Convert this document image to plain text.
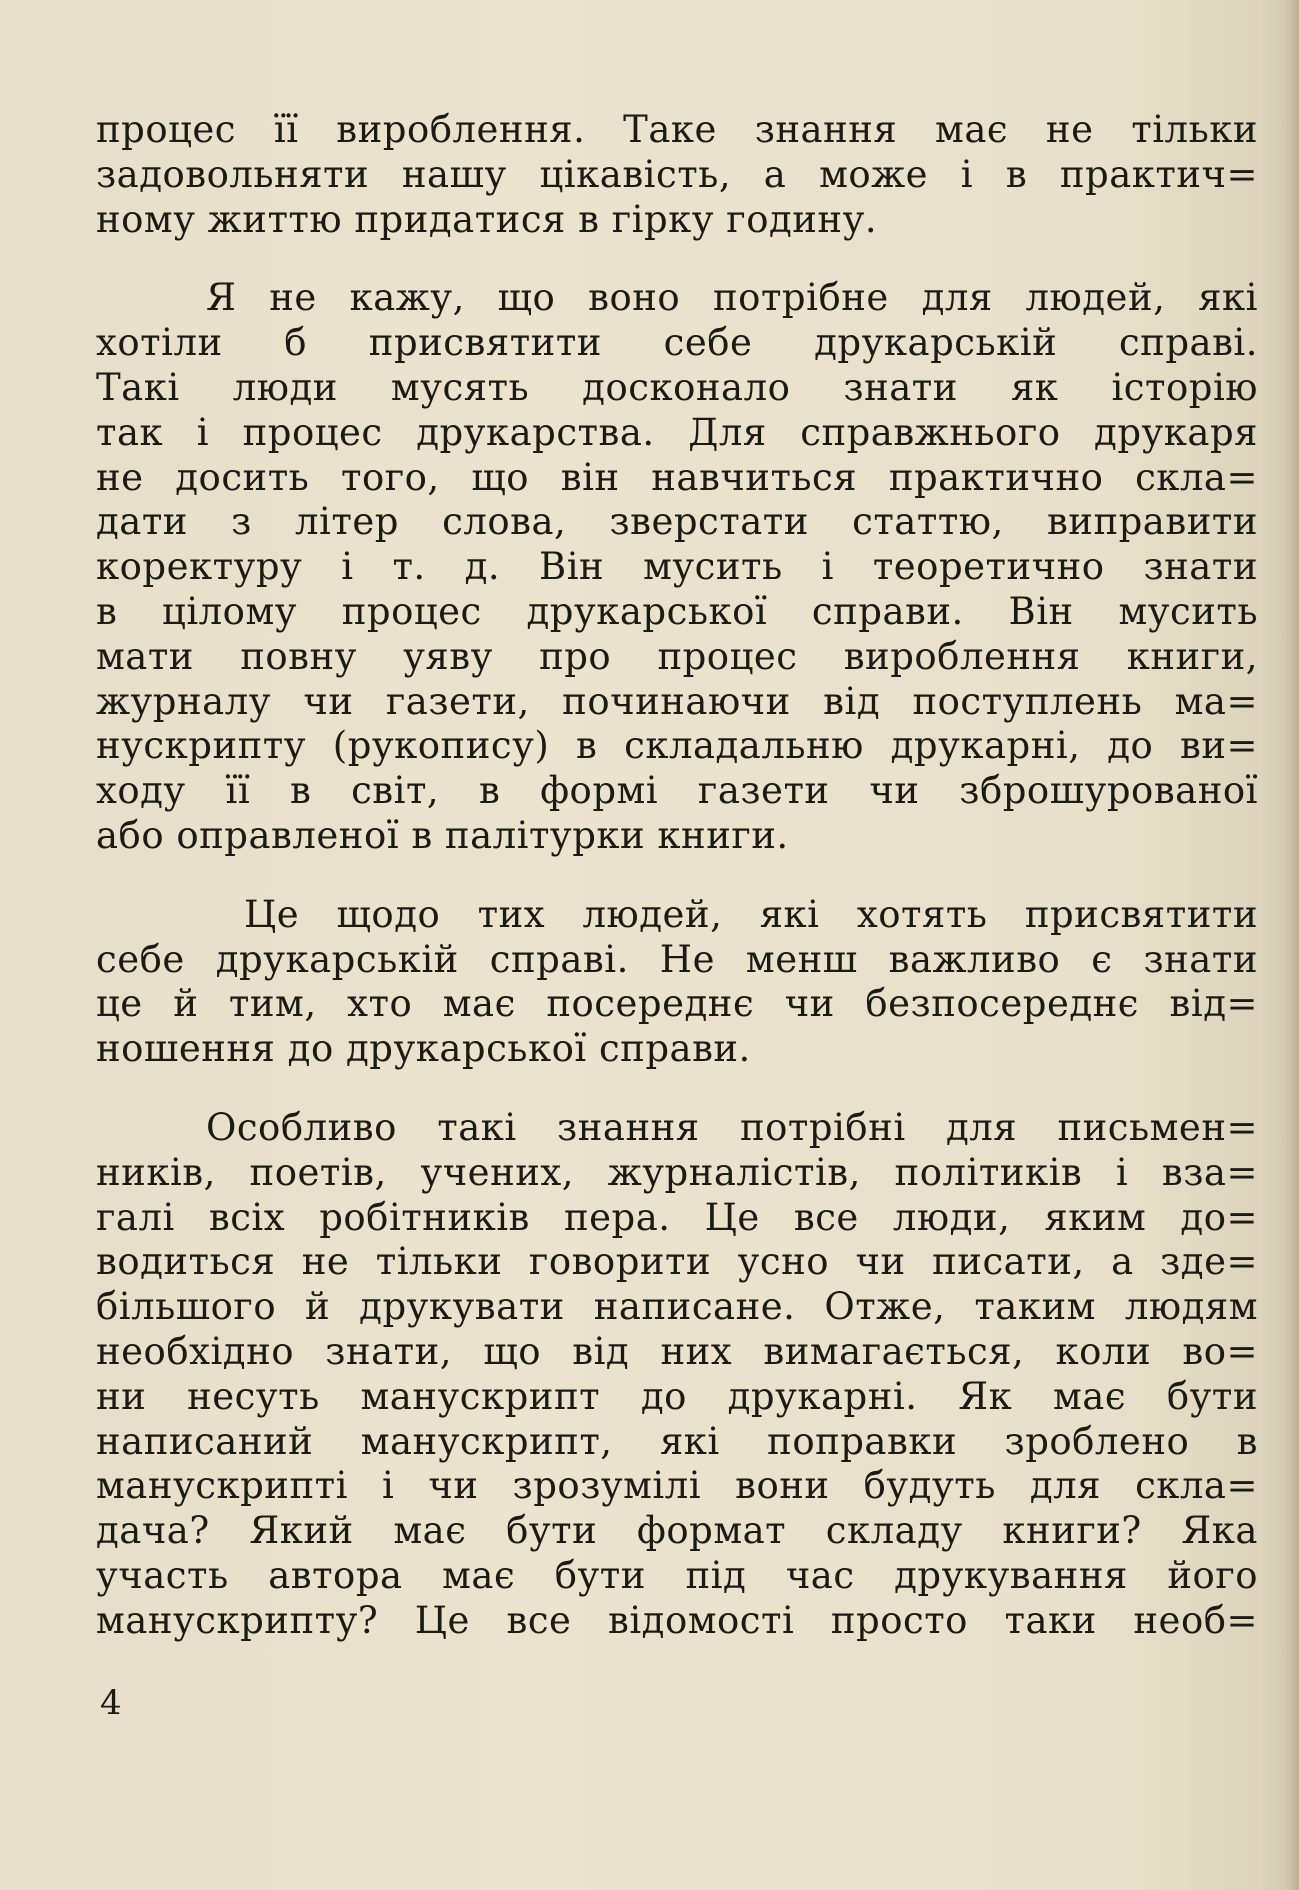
процес її вироблення. Таке знання має не тільки
задовольняти нашу цікавість, а може і в практич=
ному життю придатися в гірку годину.

Я не кажу, що воно потрібне для людей, які
хотіли б присвятити себе друкарській справі.
Такі люди мусять досконало знати як історію
так і процес друкарства. Для справжнього друкаря
не досить того, що він навчиться практично скла=
дати з літер слова, зверстати статтю, виправити
коректуру і т. д. Він мусить і теоретично знати
в цілому процес друкарської справи. Він мусить
мати повну уяву про процес вироблення книги,
журналу чи газети, починаючи від поступлень ма=
нускрипту (рукопису) в складальню друкарні, до ви=
ходу її в світ, в формі газети чи зброшурованої
або оправленої в палітурки книги.

Це щодо тих людей, які хотять присвятити
себе друкарській справі. Не менш важливо є знати
це й тим, хто має посереднє чи безпосереднє від=
ношення до друкарської справи.

Особливо такі знання потрібні для письмен=
ників, поетів, учених, журналістів, політиків і вза=
галі всіх робітників пера. Це все люди, яким до=
водиться не тільки говорити усно чи писати, а зде=
більшого й друкувати написане. Отже, таким людям
необхідно знати, що від них вимагається, коли во=
ни несуть манускрипт до друкарні. Як має бути
написаний манускрипт, які поправки зроблено в
манускрипті і чи зрозумілі вони будуть для скла=
дача? Який має бути формат складу книги? Яка
участь автора має бути під час друкування його
манускрипту? Це все відомості просто таки необ=

4
